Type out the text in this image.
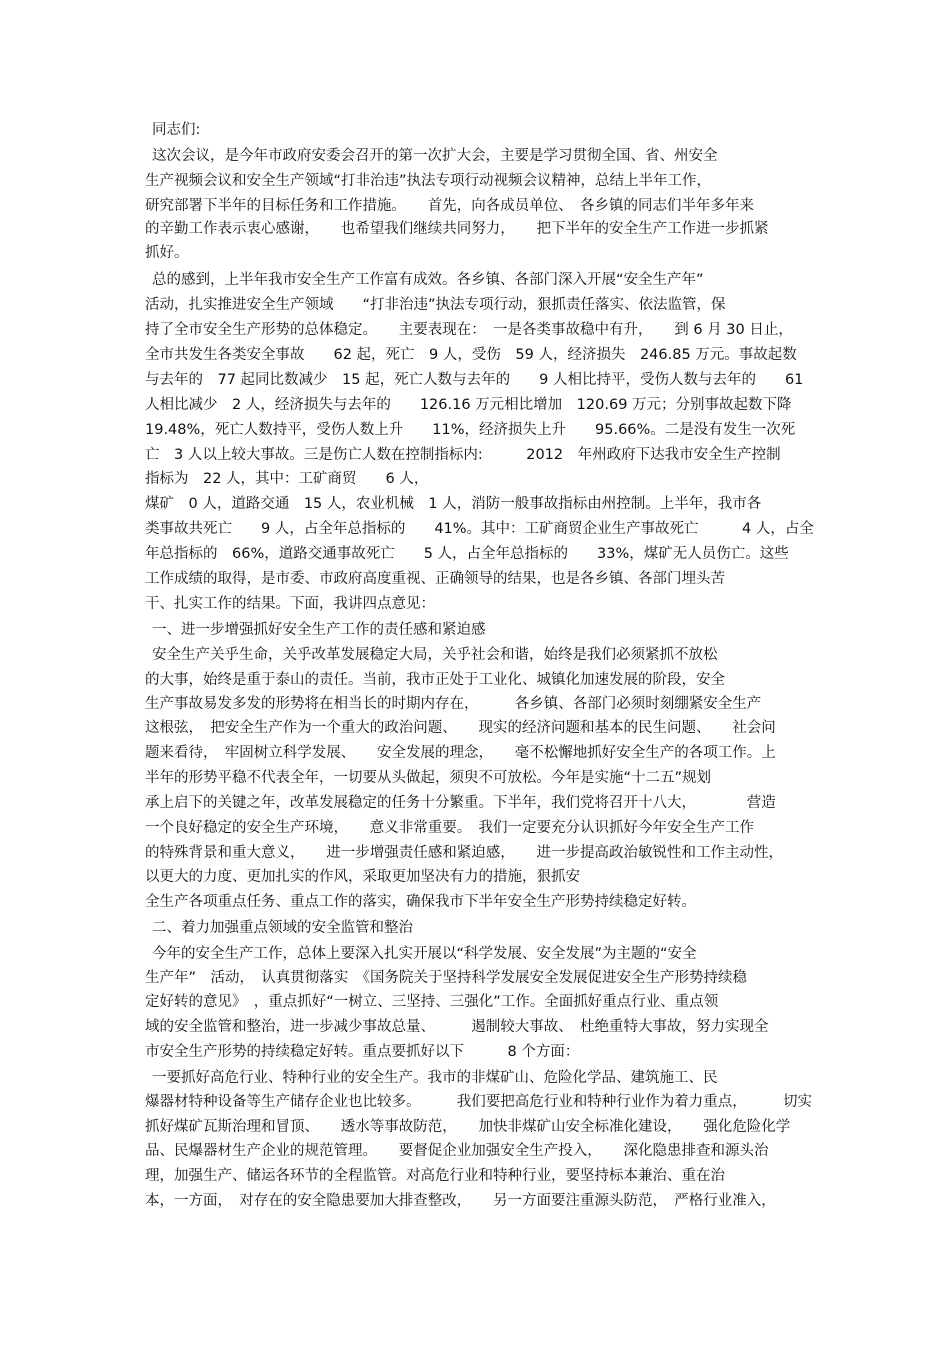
同志们:
这次会议，是今年市政府安委会召开的第一次扩大会，主要是学习贯彻全国、省、州安全
生产视频会议和安全生产领域“打非治违”执法专项行动视频会议精神，总结上半年工作，
研究部署下半年的目标任务和工作措施。　　首先，向各成员单位、　各乡镇的同志们半年多年来
的辛勤工作表示衷心感谢，　　也希望我们继续共同努力，　　把下半年的安全生产工作进一步抓紧
抓好。
总的感到，上半年我市安全生产工作富有成效。各乡镇、各部门深入开展“安全生产年”
活动，扎实推进安全生产领域　　“打非治违”执法专项行动，狠抓责任落实、依法监管，保
持了全市安全生产形势的总体稳定。　　主要表现在：　一是各类事故稳中有升，　　到 6 月 30 日止，
全市共发生各类安全事故　　62 起，死亡　9 人，受伤　59 人，经济损失　246.85 万元。事故起数
与去年的　77 起同比数减少　15 起，死亡人数与去年的　　9 人相比持平，受伤人数与去年的　　61
人相比减少　2 人，经济损失与去年的　　126.16 万元相比增加　120.69 万元；分别事故起数下降
19.48%，死亡人数持平，受伤人数上升　　11%，经济损失上升　　95.66%。二是没有发生一次死
亡　3 人以上较大事故。三是伤亡人数在控制指标内:　　　2012　年州政府下达我市安全生产控制
指标为　22 人，其中：工矿商贸　　6 人，
煤矿　0 人，道路交通　15 人，农业机械　1 人，消防一般事故指标由州控制。上半年，我市各
类事故共死亡　　9 人，占全年总指标的　　41%。其中：工矿商贸企业生产事故死亡　　　4 人，占全
年总指标的　66%，道路交通事故死亡　　5 人，占全年总指标的　　33%，煤矿无人员伤亡。这些
工作成绩的取得，是市委、市政府高度重视、正确领导的结果，也是各乡镇、各部门埋头苦
干、扎实工作的结果。下面，我讲四点意见：
一、进一步增强抓好安全生产工作的责任感和紧迫感
安全生产关乎生命，关乎改革发展稳定大局，关乎社会和谐，始终是我们必须紧抓不放松
的大事，始终是重于泰山的责任。当前，我市正处于工业化、城镇化加速发展的阶段，安全
生产事故易发多发的形势将在相当长的时期内存在，　　　各乡镇、各部门必须时刻绷紧安全生产
这根弦，　把安全生产作为一个重大的政治问题、　　现实的经济问题和基本的民生问题、　　社会问
题来看待，　牢固树立科学发展、　　安全发展的理念，　　毫不松懈地抓好安全生产的各项工作。上
半年的形势平稳不代表全年，一切要从头做起，须臾不可放松。今年是实施“十二五”规划
承上启下的关键之年，改革发展稳定的任务十分繁重。下半年，我们党将召开十八大，　　　　营造
一个良好稳定的安全生产环境，　　意义非常重要。　我们一定要充分认识抓好今年安全生产工作
的特殊背景和重大意义，　　进一步增强责任感和紧迫感，　　进一步提高政治敏锐性和工作主动性，
以更大的力度、更加扎实的作风，采取更加坚决有力的措施，狠抓安
全生产各项重点任务、重点工作的落实，确保我市下半年安全生产形势持续稳定好转。
二、着力加强重点领域的安全监管和整治
今年的安全生产工作，总体上要深入扎实开展以“科学发展、安全发展”为主题的“安全
生产年”　活动，　认真贯彻落实　《国务院关于坚持科学发展安全发展促进安全生产形势持续稳
定好转的意见》　，重点抓好“一树立、三坚持、三强化”工作。全面抓好重点行业、重点领
域的安全监管和整治，进一步减少事故总量、　　　遏制较大事故、　杜绝重特大事故，努力实现全
市安全生产形势的持续稳定好转。重点要抓好以下　　　8 个方面：
一要抓好高危行业、特种行业的安全生产。我市的非煤矿山、危险化学品、建筑施工、民
爆器材特种设备等生产储存企业也比较多。　　　我们要把高危行业和特种行业作为着力重点，　　　切实
抓好煤矿瓦斯治理和冒顶、　　透水等事故防范，　　加快非煤矿山安全标准化建设，　　强化危险化学
品、民爆器材生产企业的规范管理。　　要督促企业加强安全生产投入，　　深化隐患排查和源头治
理，加强生产、储运各环节的全程监管。对高危行业和特种行业，要坚持标本兼治、重在治
本，一方面，　对存在的安全隐患要加大排查整改，　　另一方面要注重源头防范，　严格行业准入，
